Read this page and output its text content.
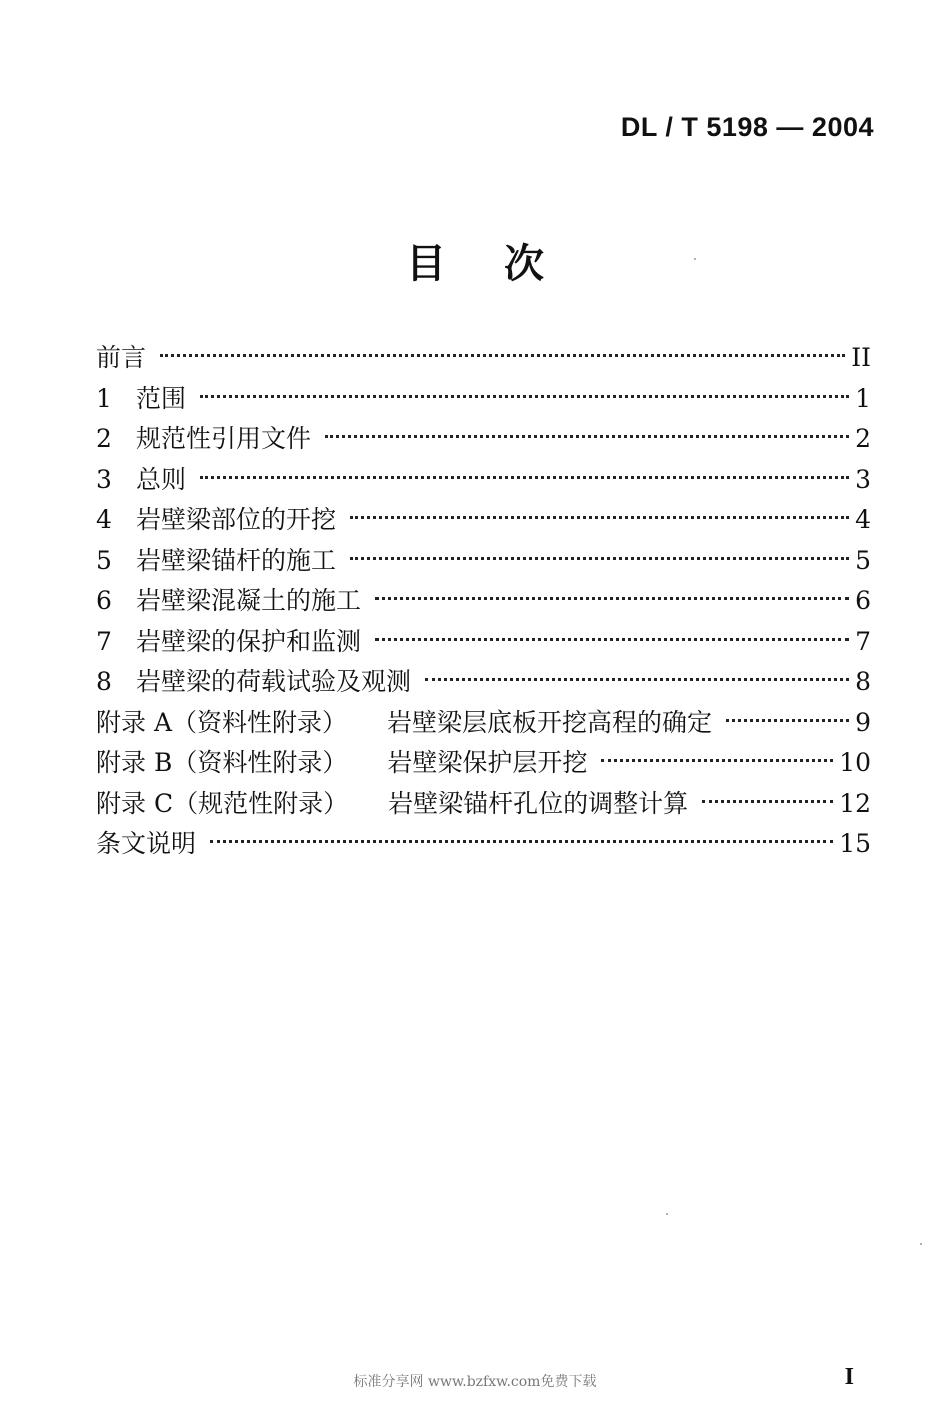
DL / T 5198 — 2004
目次
前言	II
1 范围	1
2 规范性引用文件	2
3 总则	3
4 岩壁梁部位的开挖	4
5 岩壁梁锚杆的施工	5
6 岩壁梁混凝土的施工	6
7 岩壁梁的保护和监测	7
8 岩壁梁的荷载试验及观测	8
附录 A（资料性附录） 岩壁梁层底板开挖高程的确定	9
附录 B（资料性附录） 岩壁梁保护层开挖	10
附录 C（规范性附录） 岩壁梁锚杆孔位的调整计算	12
条文说明	15
标准分享网 www.bzfxw.com免费下载	I
